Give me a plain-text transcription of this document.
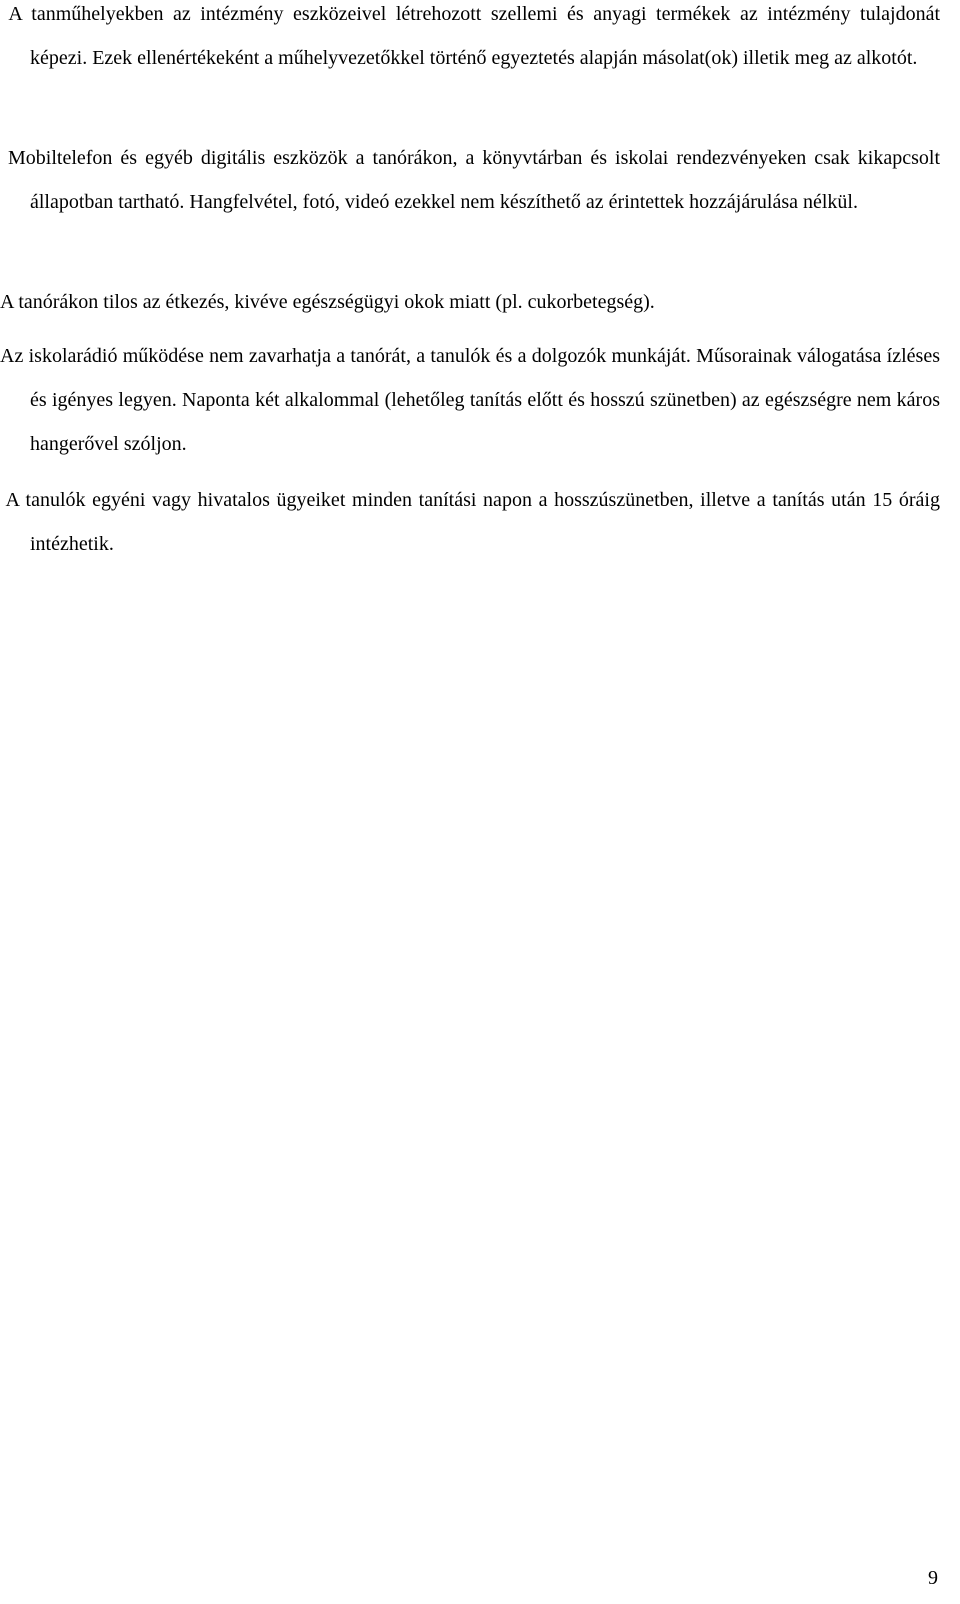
A tanműhelyekben az intézmény eszközeivel létrehozott szellemi és anyagi termékek az intézmény tulajdonát képezi. Ezek ellenértékeként a műhelyvezetőkkel történő egyeztetés alapján másolat(ok) illetik meg az alkotót.

Mobiltelefon és egyéb digitális eszközök a tanórákon, a könyvtárban és iskolai rendezvényeken csak kikapcsolt állapotban tartható. Hangfelvétel, fotó, videó ezekkel nem készíthető az érintettek hozzájárulása nélkül.

A tanórákon tilos az étkezés, kivéve egészségügyi okok miatt (pl. cukorbetegség).

Az iskolarádió működése nem zavarhatja a tanórát, a tanulók és a dolgozók munkáját. Műsorainak válogatása ízléses és igényes legyen. Naponta két alkalommal (lehetőleg tanítás előtt és hosszú szünetben) az egészségre nem káros hangerővel szóljon.

A tanulók egyéni vagy hivatalos ügyeiket minden tanítási napon a hosszúszünetben, illetve a tanítás után 15 óráig intézhetik.

9
